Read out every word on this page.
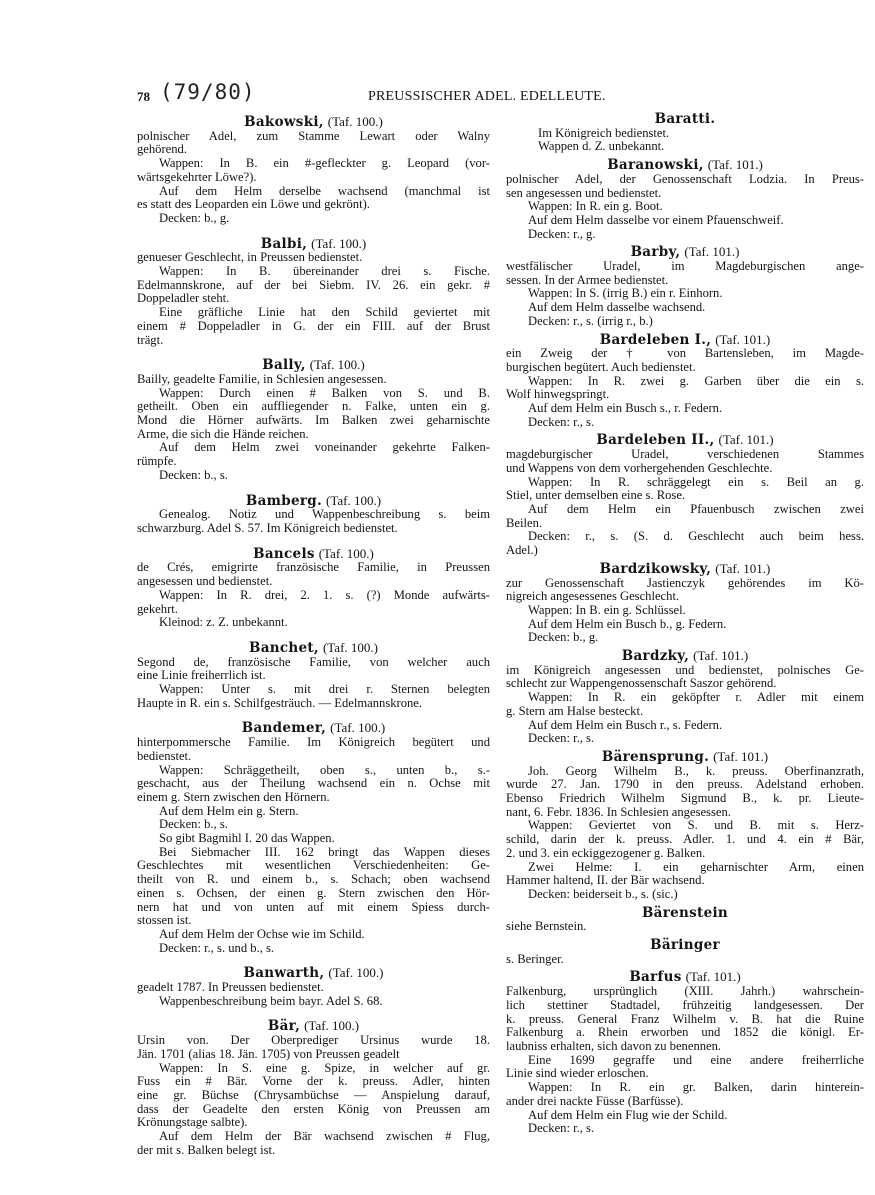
78 (79/80)	PREUSSISCHER ADEL. EDELLEUTE.
Bakowski, (Taf. 100.)
polnischer Adel, zum Stamme Lewart oder Walny
gehörend.
Wappen: In B. ein #-gefleckter g. Leopard (vor-
wärtsgekehrter Löwe?).
Auf dem Helm derselbe wachsend (manchmal ist
es statt des Leoparden ein Löwe und gekrönt).
Decken: b., g.
Balbi, (Taf. 100.)
genueser Geschlecht, in Preussen bedienstet.
Wappen: In B. übereinander drei s. Fische.
Edelmannskrone, auf der bei Siebm. IV. 26. ein gekr. #
Doppeladler steht.
Eine gräfliche Linie hat den Schild geviertet mit
einem # Doppeladler in G. der ein FIII. auf der Brust
trägt.
Bally, (Taf. 100.)
Bailly, geadelte Familie, in Schlesien angesessen.
Wappen: Durch einen # Balken von S. und B.
getheilt. Oben ein auffliegender n. Falke, unten ein g.
Mond die Hörner aufwärts. Im Balken zwei geharnischte
Arme, die sich die Hände reichen.
Auf dem Helm zwei voneinander gekehrte Falken-
rümpfe.
Decken: b., s.
Bamberg. (Taf. 100.)
Genealog. Notiz und Wappenbeschreibung s. beim
schwarzburg. Adel S. 57. Im Königreich bedienstet.
Bancels (Taf. 100.)
de Crés, emigrirte französische Familie, in Preussen
angesessen und bedienstet.
Wappen: In R. drei, 2. 1. s. (?) Monde aufwärts-
gekehrt.
Kleinod: z. Z. unbekannt.
Banchet, (Taf. 100.)
Segond de, französische Familie, von welcher auch
eine Linie freiherrlich ist.
Wappen: Unter s. mit drei r. Sternen belegten
Haupte in R. ein s. Schilfgesträuch. — Edelmannskrone.
Bandemer, (Taf. 100.)
hinterpommersche Familie. Im Königreich begütert und
bedienstet.
Wappen: Schräggetheilt, oben s., unten b., s.-
geschacht, aus der Theilung wachsend ein n. Ochse mit
einem g. Stern zwischen den Hörnern.
Auf dem Helm ein g. Stern.
Decken: b., s.
So gibt Bagmihl I. 20 das Wappen.
Bei Siebmacher III. 162 bringt das Wappen dieses
Geschlechtes mit wesentlichen Verschiedenheiten: Ge-
theilt von R. und einem b., s. Schach; oben wachsend
einen s. Ochsen, der einen g. Stern zwischen den Hör-
nern hat und von unten auf mit einem Spiess durch-
stossen ist.
Auf dem Helm der Ochse wie im Schild.
Decken: r., s. und b., s.
Banwarth, (Taf. 100.)
geadelt 1787. In Preussen bedienstet.
Wappenbeschreibung beim bayr. Adel S. 68.
Bär, (Taf. 100.)
Ursin von. Der Oberprediger Ursinus wurde 18.
Jän. 1701 (alias 18. Jän. 1705) von Preussen geadelt
Wappen: In S. eine g. Spize, in welcher auf gr.
Fuss ein # Bär. Vorne der k. preuss. Adler, hinten
eine gr. Büchse (Chrysambüchse — Anspielung darauf,
dass der Geadelte den ersten König von Preussen am
Krönungstage salbte).
Auf dem Helm der Bär wachsend zwischen # Flug,
der mit s. Balken belegt ist.
Baratti.
Im Königreich bedienstet.
Wappen d. Z. unbekannt.
Baranowski, (Taf. 101.)
polnischer Adel, der Genossenschaft Lodzia. In Preus-
sen angesessen und bedienstet.
Wappen: In R. ein g. Boot.
Auf dem Helm dasselbe vor einem Pfauenschweif.
Decken: r., g.
Barby, (Taf. 101.)
westfälischer Uradel, im Magdeburgischen ange-
sessen. In der Armee bedienstet.
Wappen: In S. (irrig B.) ein r. Einhorn.
Auf dem Helm dasselbe wachsend.
Decken: r., s. (irrig r., b.)
Bardeleben I., (Taf. 101.)
ein Zweig der † von Bartensleben, im Magde-
burgischen begütert. Auch bedienstet.
Wappen: In R. zwei g. Garben über die ein s.
Wolf hinwegspringt.
Auf dem Helm ein Busch s., r. Federn.
Decken: r., s.
Bardeleben II., (Taf. 101.)
magdeburgischer Uradel, verschiedenen Stammes
und Wappens von dem vorhergehenden Geschlechte.
Wappen: In R. schräggelegt ein s. Beil an g.
Stiel, unter demselben eine s. Rose.
Auf dem Helm ein Pfauenbusch zwischen zwei
Beilen.
Decken: r., s. (S. d. Geschlecht auch beim hess.
Adel.)
Bardzikowsky, (Taf. 101.)
zur Genossenschaft Jastienczyk gehörendes im Kö-
nigreich angesessenes Geschlecht.
Wappen: In B. ein g. Schlüssel.
Auf dem Helm ein Busch b., g. Federn.
Decken: b., g.
Bardzky, (Taf. 101.)
im Königreich angesessen und bedienstet, polnisches Ge-
schlecht zur Wappengenossenschaft Saszor gehörend.
Wappen: In R. ein geköpfter r. Adler mit einem
g. Stern am Halse besteckt.
Auf dem Helm ein Busch r., s. Federn.
Decken: r., s.
Bärensprung. (Taf. 101.)
Joh. Georg Wilhelm B., k. preuss. Oberfinanzrath,
wurde 27. Jan. 1790 in den preuss. Adelstand erhoben.
Ebenso Friedrich Wilhelm Sigmund B., k. pr. Lieute-
nant, 6. Febr. 1836. In Schlesien angesessen.
Wappen: Geviertet von S. und B. mit s. Herz-
schild, darin der k. preuss. Adler. 1. und 4. ein # Bär,
2. und 3. ein eckiggezogener g. Balken.
Zwei Helme: I. ein geharnischter Arm, einen
Hammer haltend, II. der Bär wachsend.
Decken: beiderseit b., s. (sic.)
Bärenstein
siehe Bernstein.
Bäringer
s. Beringer.
Barfus (Taf. 101.)
Falkenburg, ursprünglich (XIII. Jahrh.) wahrschein-
lich stettiner Stadtadel, frühzeitig landgesessen. Der
k. preuss. General Franz Wilhelm v. B. hat die Ruine
Falkenburg a. Rhein erworben und 1852 die königl. Er-
laubniss erhalten, sich davon zu benennen.
Eine 1699 gegraffe und eine andere freiherrliche
Linie sind wieder erloschen.
Wappen: In R. ein gr. Balken, darin hinterein-
ander drei nackte Füsse (Barfüsse).
Auf dem Helm ein Flug wie der Schild.
Decken: r., s.
